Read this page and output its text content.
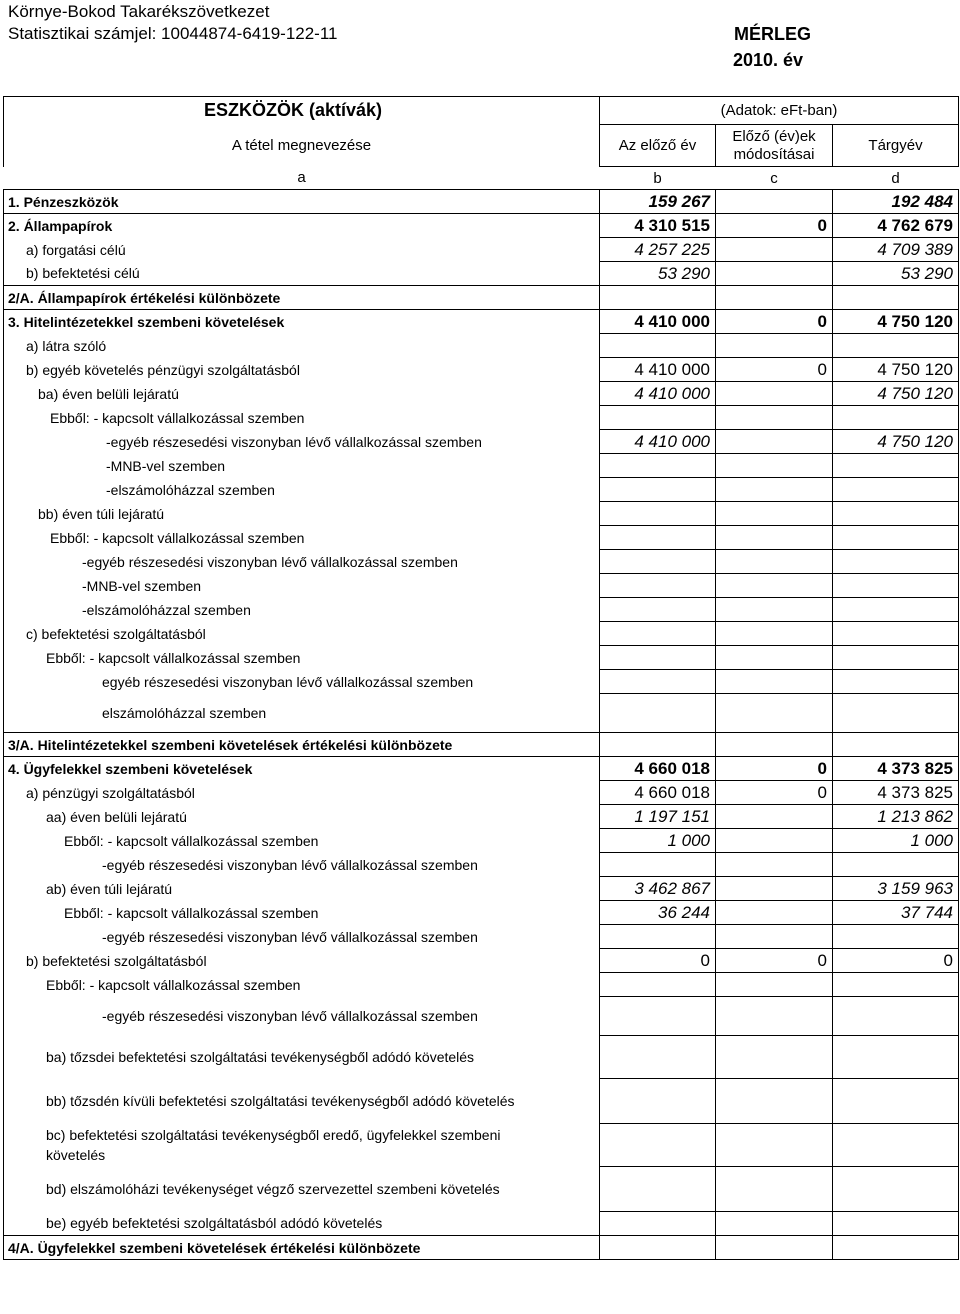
Környe-Bokod Takarékszövetkezet
Statisztikai számjel: 10044874-6419-122-11	MÉRLEG
2010. év
ESZKÖZÖK (aktívák)	(Adatok: eFt-ban)		
A tétel megnevezése	Az előző év	Előző (év)ek
módosításai	Tárgyév
a	b	c	d
1. Pénzeszközök	159 267		192 484
2. Állampapírok	4 310 515	0	4 762 679
a) forgatási célú	4 257 225		4 709 389
b) befektetési célú	53 290		53 290
2/A. Állampapírok értékelési különbözete			
3. Hitelintézetekkel szembeni követelések	4 410 000	0	4 750 120
a) látra szóló			
b) egyéb követelés pénzügyi szolgáltatásból	4 410 000	0	4 750 120
ba) éven belüli lejáratú	4 410 000		4 750 120
Ebből: - kapcsolt vállalkozással szemben			
-egyéb részesedési viszonyban lévő vállalkozással szemben	4 410 000		4 750 120
-MNB-vel szemben			
-elszámolóházzal szemben			
bb) éven túli lejáratú			
Ebből: - kapcsolt vállalkozással szemben			
-egyéb részesedési viszonyban lévő vállalkozással szemben			
-MNB-vel szemben			
-elszámolóházzal szemben			
c) befektetési szolgáltatásból			
Ebből: - kapcsolt vállalkozással szemben			
egyéb részesedési viszonyban lévő vállalkozással szemben			
elszámolóházzal szemben			
3/A. Hitelintézetekkel szembeni követelések értékelési különbözete			
4. Ügyfelekkel szembeni követelések	4 660 018	0	4 373 825
a) pénzügyi szolgáltatásból	4 660 018	0	4 373 825
aa) éven belüli lejáratú	1 197 151		1 213 862
Ebből: - kapcsolt vállalkozással szemben	1 000		1 000
-egyéb részesedési viszonyban lévő vállalkozással szemben			
ab) éven túli lejáratú	3 462 867		3 159 963
Ebből: - kapcsolt vállalkozással szemben	36 244		37 744
-egyéb részesedési viszonyban lévő vállalkozással szemben			
b) befektetési szolgáltatásból	0	0	0
Ebből: - kapcsolt vállalkozással szemben			
-egyéb részesedési viszonyban lévő vállalkozással szemben			
ba) tőzsdei befektetési szolgáltatási tevékenységből adódó követelés			
bb) tőzsdén kívüli befektetési szolgáltatási tevékenységből adódó követelés			

bc) befektetési szolgáltatási tevékenységből eredő, ügyfelekkel szembeni
követelés			

bd) elszámolóházi tevékenységet végző szervezettel szembeni követelés			
be) egyéb befektetési szolgáltatásból adódó követelés			
4/A. Ügyfelekkel szembeni követelések értékelési különbözete			
